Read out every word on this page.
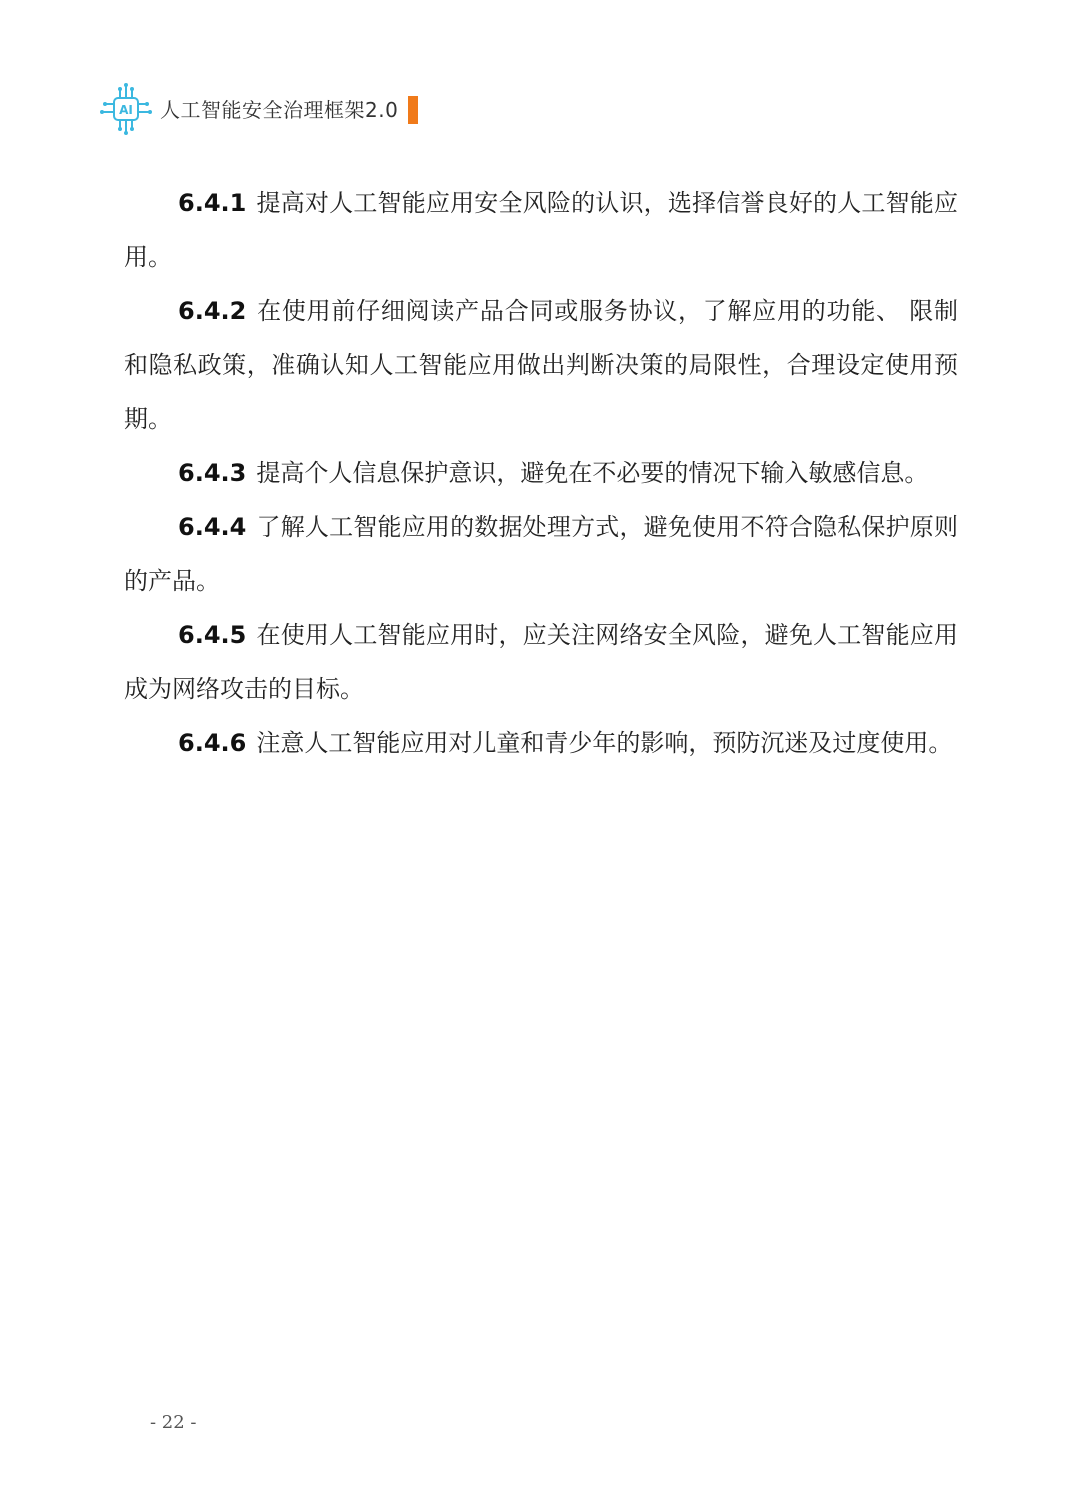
AI 人工智能安全治理框架2.0

6.4.1 提高对人工智能应用安全风险的认识，选择信誉良好的人工智能应用。

6.4.2 在使用前仔细阅读产品合同或服务协议，了解应用的功能、 限制和隐私政策，准确认知人工智能应用做出判断决策的局限性，合理设定使用预期。

6.4.3 提高个人信息保护意识，避免在不必要的情况下输入敏感信息。

6.4.4 了解人工智能应用的数据处理方式，避免使用不符合隐私保护原则的产品。

6.4.5 在使用人工智能应用时，应关注网络安全风险，避免人工智能应用成为网络攻击的目标。

6.4.6 注意人工智能应用对儿童和青少年的影响，预防沉迷及过度使用。

- 22 -
